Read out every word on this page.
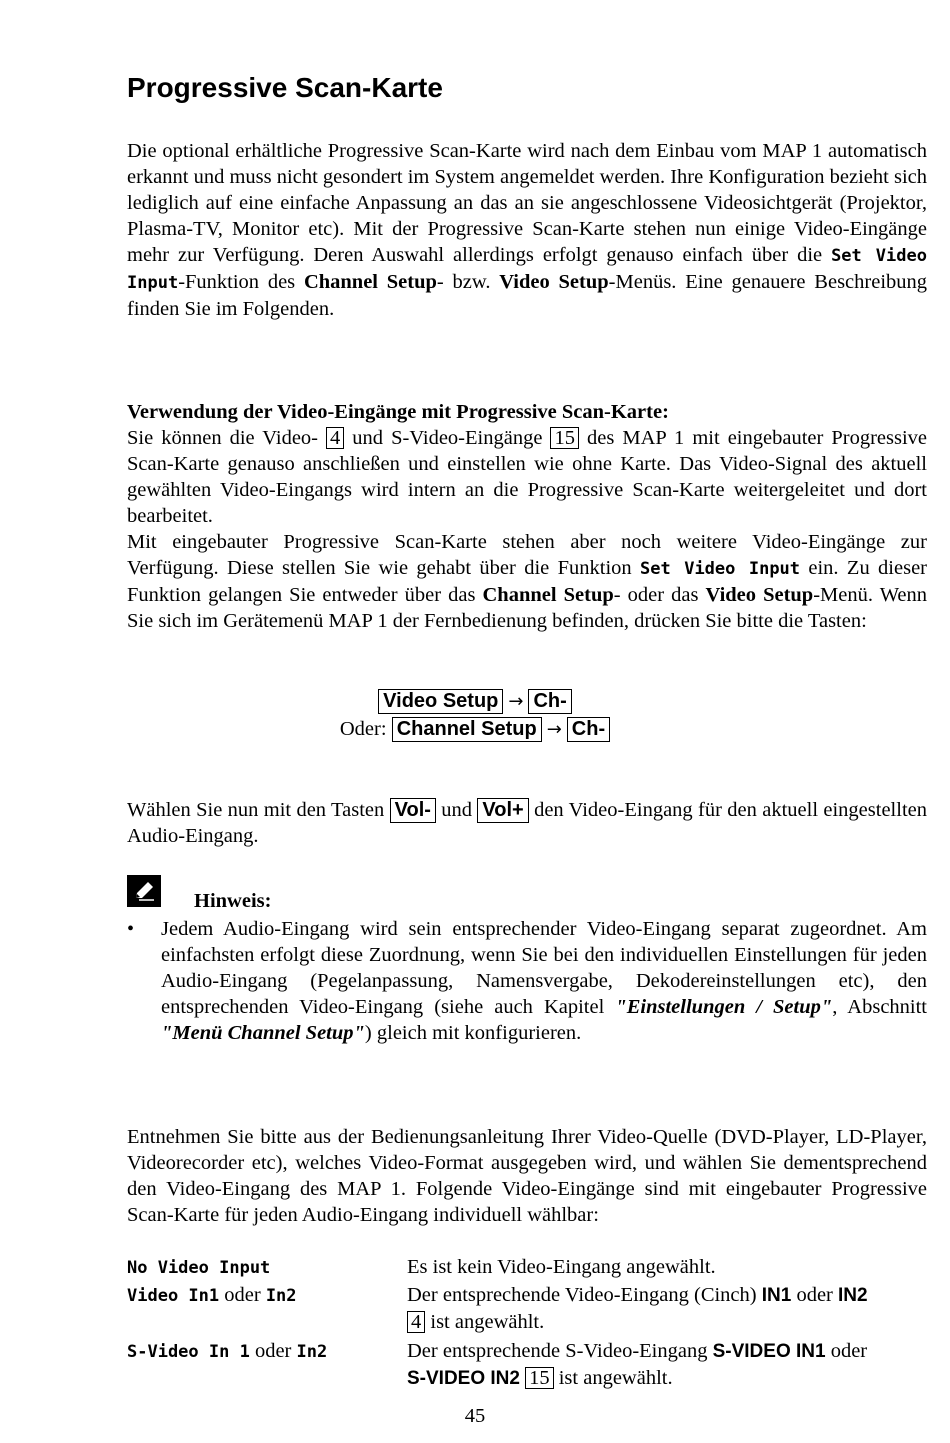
Progressive Scan-Karte
Die optional erhältliche Progressive Scan-Karte wird nach dem Einbau vom MAP 1 automatisch erkannt und muss nicht gesondert im System angemeldet werden. Ihre Konfiguration bezieht sich lediglich auf eine einfache Anpassung an das an sie angeschlossene Videosichtgerät (Projektor, Plasma-TV, Monitor etc). Mit der Progressive Scan-Karte stehen nun einige Video-Eingänge mehr zur Verfügung. Deren Auswahl allerdings erfolgt genauso einfach über die Set Video Input-Funktion des Channel Setup- bzw. Video Setup-Menüs. Eine genauere Beschreibung finden Sie im Folgenden.
Verwendung der Video-Eingänge mit Progressive Scan-Karte:
Sie können die Video- 4 und S-Video-Eingänge 15 des MAP 1 mit eingebauter Progressive Scan-Karte genauso anschließen und einstellen wie ohne Karte. Das Video-Signal des aktuell gewählten Video-Eingangs wird intern an die Progressive Scan-Karte weitergeleitet und dort bearbeitet.
Mit eingebauter Progressive Scan-Karte stehen aber noch weitere Video-Eingänge zur Verfügung. Diese stellen Sie wie gehabt über die Funktion Set Video Input ein. Zu dieser Funktion gelangen Sie entweder über das Channel Setup- oder das Video Setup-Menü. Wenn Sie sich im Gerätemenü MAP 1 der Fernbedienung befinden, drücken Sie bitte die Tasten:
Video Setup → Ch-
Oder: Channel Setup → Ch-
Wählen Sie nun mit den Tasten Vol- und Vol+ den Video-Eingang für den aktuell eingestellten Audio-Eingang.
Hinweis:
• Jedem Audio-Eingang wird sein entsprechender Video-Eingang separat zugeordnet. Am einfachsten erfolgt diese Zuordnung, wenn Sie bei den individuellen Einstellungen für jeden Audio-Eingang (Pegelanpassung, Namensvergabe, Dekodereinstellungen etc), den entsprechenden Video-Eingang (siehe auch Kapitel "Einstellungen / Setup", Abschnitt "Menü Channel Setup") gleich mit konfigurieren.
Entnehmen Sie bitte aus der Bedienungsanleitung Ihrer Video-Quelle (DVD-Player, LD-Player, Videorecorder etc), welches Video-Format ausgegeben wird, und wählen Sie dementsprechend den Video-Eingang des MAP 1. Folgende Video-Eingänge sind mit eingebauter Progressive Scan-Karte für jeden Audio-Eingang individuell wählbar:
No Video Input	Es ist kein Video-Eingang angewählt.
Video In1 oder In2	Der entsprechende Video-Eingang (Cinch) IN1 oder IN2
4 ist angewählt.
S-Video In 1 oder In2	Der entsprechende S-Video-Eingang S-VIDEO IN1 oder
S-VIDEO IN2 15 ist angewählt.
45
